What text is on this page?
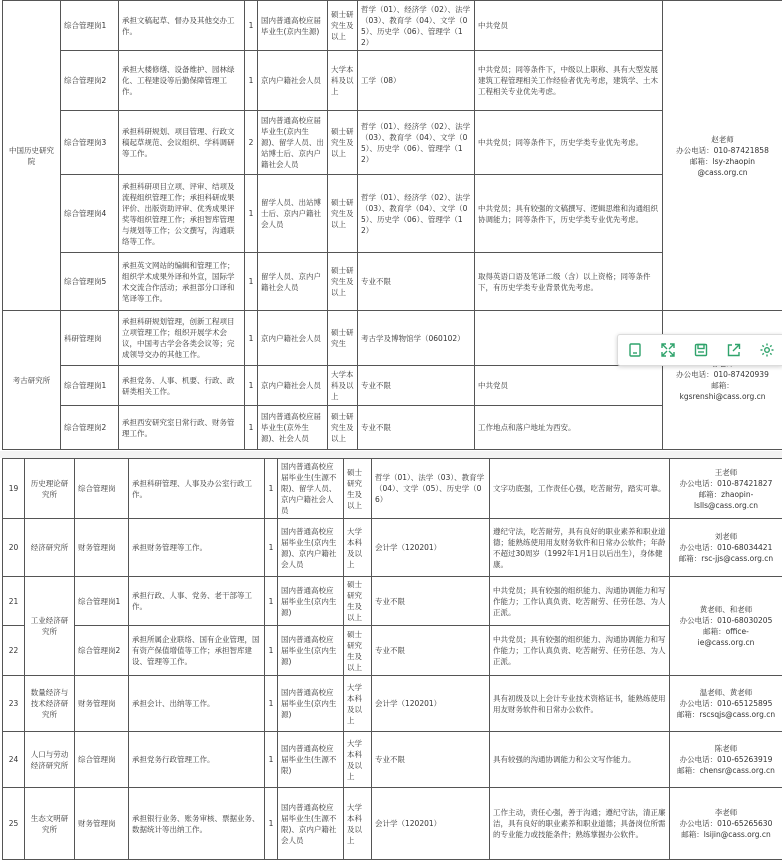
中国历史研究院	综合管理岗1	承担文稿起草、督办及其他交办工作。	1	国内普通高校应届毕业生(京内生源)	硕士研究生及以上	哲学（01）、经济学（02）、法学（03）、教育学（04）、文学（05）、历史学（06）、管理学（12）	中共党员	赵老师
办公电话：010-87421858
邮箱：lsy-zhaopin
@cass.org.cn

	综合管理岗2	承担大楼修缮、设备维护、园林绿化、工程建设等后勤保障管理工作。	1	京内户籍社会人员	大学本科及以上	工学（08）	中共党员；同等条件下，中级以上职称、具有大型发展建筑工程管理相关工作经验者优先考虑，建筑学、土木工程相关专业优先考虑。	
	综合管理岗3	承担科研规划、项目管理、行政文稿起草规范、会议组织、学科调研等工作。	2	国内普通高校应届毕业生(京内生源)、留学人员、出站博士后、京内户籍社会人员	硕士研究生及以上	哲学（01）、经济学（02）、法学（03）、教育学（04）、文学（05）、历史学（06）、管理学（12）	中共党员；同等条件下，历史学类专业优先考虑。	
	综合管理岗4	承担科研项目立项、评审、结项及流程组织管理工作；承担科研成果评价、出版资助评审、优秀成果评奖等组织管理工作；承担智库管理与规划等工作；公文撰写，沟通联络等工作。	1	留学人员、出站博士后、京内户籍社会人员	硕士研究生及以上	哲学（01）、经济学（02）、法学（03）、教育学（04）、文学（05）、历史学（06）、管理学（12）	中共党员；具有较强的文稿撰写、逻辑思维和沟通组织协调能力；同等条件下，历史学类专业优先考虑。	
	综合管理岗5	承担英文网站的编辑和管理工作；组织学术成果外译和外宣，国际学术交流合作活动；承担部分口译和笔译等工作。	1	留学人员、京内户籍社会人员	硕士研究生及以上	专业不限	取得英语口语及笔译二级（含）以上资格；同等条件下，有历史学类专业背景优先考虑。	
考古研究所	科研管理岗	承担科研规划管理，创新工程项目立项管理工作；组织开展学术会议，中国考古学会各类会议等；完成领导交办的其他工作。	1	京内户籍社会人员	硕士研究生	考古学及博物馆学（060102）		办公电话：010-87420939
邮箱：
kgsrenshi@cass.org.cn

	综合管理岗1	承担党务、人事、机要、行政、政研类相关工作。	1	京内户籍社会人员	大学本科及以上	专业不限	中共党员	
	综合管理岗2	承担西安研究室日常行政、财务管理工作。	1	国内普通高校应届毕业生(京外生源)、社会人员	硕士研究生及以上	专业不限	工作地点和落户地址为西安。	
19	历史理论研究所	综合管理岗	承担科研管理、人事及办公室行政工作。	1	国内普通高校应届毕业生(生源不限)、留学人员、京内户籍社会人员	硕士研究生及以上	哲学（01）、法学（03）、教育学（04）、文学（05）、历史学（06）	文字功底强，工作责任心强，吃苦耐劳，踏实可靠。	王老师
办公电话：010-87421827
邮箱：zhaopin-
lslls@cass.org.cn

20	经济研究所	财务管理岗	承担财务管理等工作。	1	国内普通高校应届毕业生(京内生源)、京内户籍社会人员	大学本科及以上	会计学（120201）	遵纪守法，吃苦耐劳，具有良好的职业素养和职业道德；能熟练使用用友财务软件和日常办公软件；年龄不超过30周岁（1992年1月1日以后出生），身体健康。	刘老师
办公电话：010-68034421
邮箱：rsc-jjs@cass.org.cn

21	工业经济研究所	综合管理岗1	承担行政、人事、党务、老干部等工作。	1	国内普通高校应届毕业生(京内生源)	硕士研究生及以上	专业不限	中共党员；具有较强的组织能力、沟通协调能力和写作能力；工作认真负责、吃苦耐劳、任劳任怨、为人正派。	黄老师、和老师
办公电话：010-68030205
邮箱：office-
ie@cass.org.cn

22		综合管理岗2	承担所属企业联络、国有企业管理，国有资产保值增值等工作；承担智库建设、管理等工作。	1	国内普通高校应届毕业生(京内生源)	硕士研究生及以上	专业不限	中共党员；具有较强的组织能力、沟通协调能力和写作能力；工作认真负责、吃苦耐劳、任劳任怨、为人正派。	
23	数量经济与技术经济研究所	财务管理岗	承担会计、出纳等工作。	1	国内普通高校应届毕业生(京内生源)	大学本科及以上	会计学（120201）	具有初级及以上会计专业技术资格证书，能熟练使用用友财务软件和日常办公软件。	温老师、黄老师
办公电话：010-65125895
邮箱：rscsqjs@cass.org.cn

24	人口与劳动经济研究所	综合管理岗	承担党务行政管理工作。	1	国内普通高校应届毕业生(生源不限)	大学本科及以上	专业不限	具有较强的沟通协调能力和公文写作能力。	陈老师
办公电话：010-65263919
邮箱：chensr@cass.org.cn

25	生态文明研究所	财务管理岗	承担银行业务、账务审核、票据业务、数据统计等出纳工作。	1	国内普通高校应届毕业生(生源不限)、京内户籍社会人员	大学本科及以上	会计学（120201）	工作主动，责任心强，善于沟通；遵纪守法，清正廉洁，具有良好的职业素养和职业道德；具备岗位所需的专业能力或技能条件；熟练掌握办公软件。	李老师
办公电话：010-65265630
邮箱：lsijin@cass.org.cn
